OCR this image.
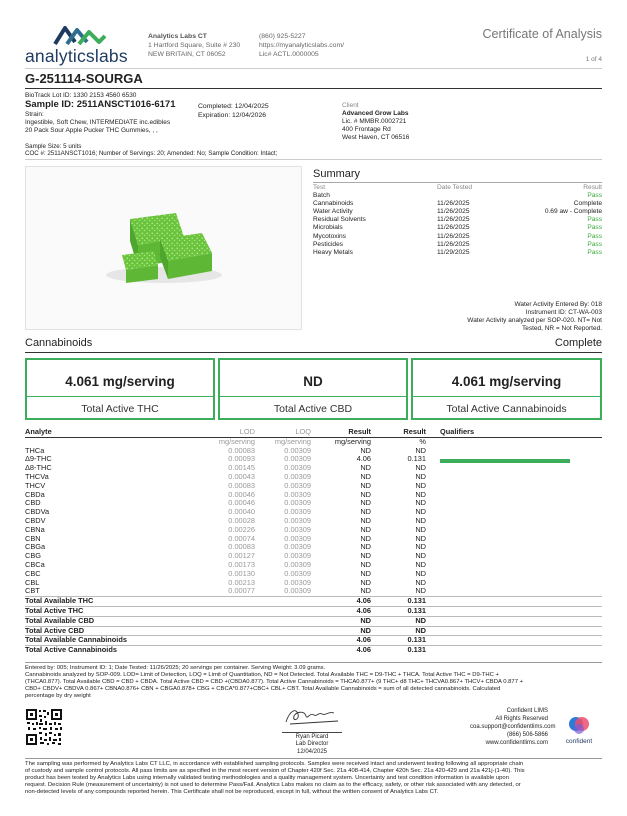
analyticslabs
Analytics Labs CT
1 Hartford Square, Suite # 230
NEW BRITAIN, CT 06052
(860) 925-5227
https://myanalyticslabs.com/
Lic# ACTL.0000005
Certificate of Analysis
1 of 4
G-251114-SOURGA
BioTrack Lot ID: 1330 2153 4560 6530
Sample ID: 2511ANSCT1016-6171	Completed: 12/04/2025
Expiration: 12/04/2026
Strain:
Ingestible, Soft Chew, INTERMEDIATE inc.edibles
20 Pack Sour Apple Pucker THC Gummies, , ,
Client
Advanced Grow Labs
Lic. # MMBR.0002721
400 Frontage Rd
West Haven, CT 06516
Sample Size: 5 units
COC #: 2511ANSCT1016; Number of Servings: 20; Amended: No; Sample Condition: Intact;
Summary
Test	Date Tested	Result
Batch		Pass
Cannabinoids	11/26/2025	Complete
Water Activity	11/26/2025	0.69 aw - Complete
Residual Solvents	11/26/2025	Pass
Microbials	11/26/2025	Pass
Mycotoxins	11/26/2025	Pass
Pesticides	11/26/2025	Pass
Heavy Metals	11/29/2025	Pass
Water Activity Entered By: 018
Instrument ID: CT-WA-003
Water Activity analyzed per SOP-020. NT= Not
Tested, NR = Not Reported.
Cannabinoids	Complete
4.061 mg/serving
Total Active THC
ND
Total Active CBD
4.061 mg/serving
Total Active Cannabinoids
Analyte	LOD	LOQ	Result	Result	Qualifiers
	mg/serving	mg/serving	mg/serving	%	
THCa	0.00083	0.00309	ND	ND	
Δ9-THC	0.00093	0.00309	4.06	0.131	

Δ8-THC	0.00145	0.00309	ND	ND	
THCVa	0.00043	0.00309	ND	ND	
THCV	0.00083	0.00309	ND	ND	
CBDa	0.00046	0.00309	ND	ND	
CBD	0.00046	0.00309	ND	ND	
CBDVa	0.00040	0.00309	ND	ND	
CBDV	0.00028	0.00309	ND	ND	
CBNa	0.00226	0.00309	ND	ND	
CBN	0.00074	0.00309	ND	ND	
CBGa	0.00083	0.00309	ND	ND	
CBG	0.00127	0.00309	ND	ND	
CBCa	0.00173	0.00309	ND	ND	
CBC	0.00130	0.00309	ND	ND	
CBL	0.00213	0.00309	ND	ND	
CBT	0.00077	0.00309	ND	ND	
Total Available THC			4.06	0.131	
Total Active THC			4.06	0.131	
Total Available CBD			ND	ND	
Total Active CBD			ND	ND	
Total Available Cannabinoids			4.06	0.131	
Total Active Cannabinoids			4.06	0.131	
Entered by: 005; Instrument ID: 1; Date Tested: 11/26/2025; 20 servings per container. Serving Weight: 3.09 grams.
Cannabinoids analyzed by SOP-009. LOD= Limit of Detection, LOQ = Limit of Quantitation, ND = Not Detected. Total Available THC = D9-THC + THCA. Total Active THC = D9-THC +
(THCA0.877). Total Available CBD = CBD + CBDA. Total Active CBD = CBD +(CBDA0.877). Total Active Cannabinoids = THCA0.877+ (9 THC+ d8 THC+ THCVA0.867+ THCV+ CBDA 0.877 +
CBD+ CBDV+ CBDVA 0.867+ CBNA0.876+ CBN + CBGA0.878+ CBG + CBCA*0.877+CBC+ CBL+ CBT. Total Available Cannabinoids = sum of all detected cannabinoids. Calculated
percentage by dry weight
Ryan Picard
Lab Director
12/04/2025
Confident LIMS
All Rights Reserved
coa.support@confidentlims.com
(866) 506-5866
www.confidentlims.com	confident
The sampling was performed by Analytics Labs CT LLC, in accordance with established sampling protocols. Samples were received intact and underwent testing following all appropriate chain
of custody and sample control protocols. All pass limits are as specified in the most recent version of Chapter 420f Sec. 21a 408-414, Chapter 420h Sec. 21a 420-429 and 21a 421j-(1-40). This
product has been tested by Analytics Labs using internally validated testing methodologies and a quality management system. Uncertainty and test condition information is available upon
request. Decision Rule (measurement of uncertainty) is not used to determine Pass/Fail. Analytics Labs makes no claim as to the efficacy, safety, or other risk associated with any detected, or
non-detected levels of any compounds reported herein. This Certificate shall not be reproduced, except in full, without the written consent of Analytics Labs CT.
